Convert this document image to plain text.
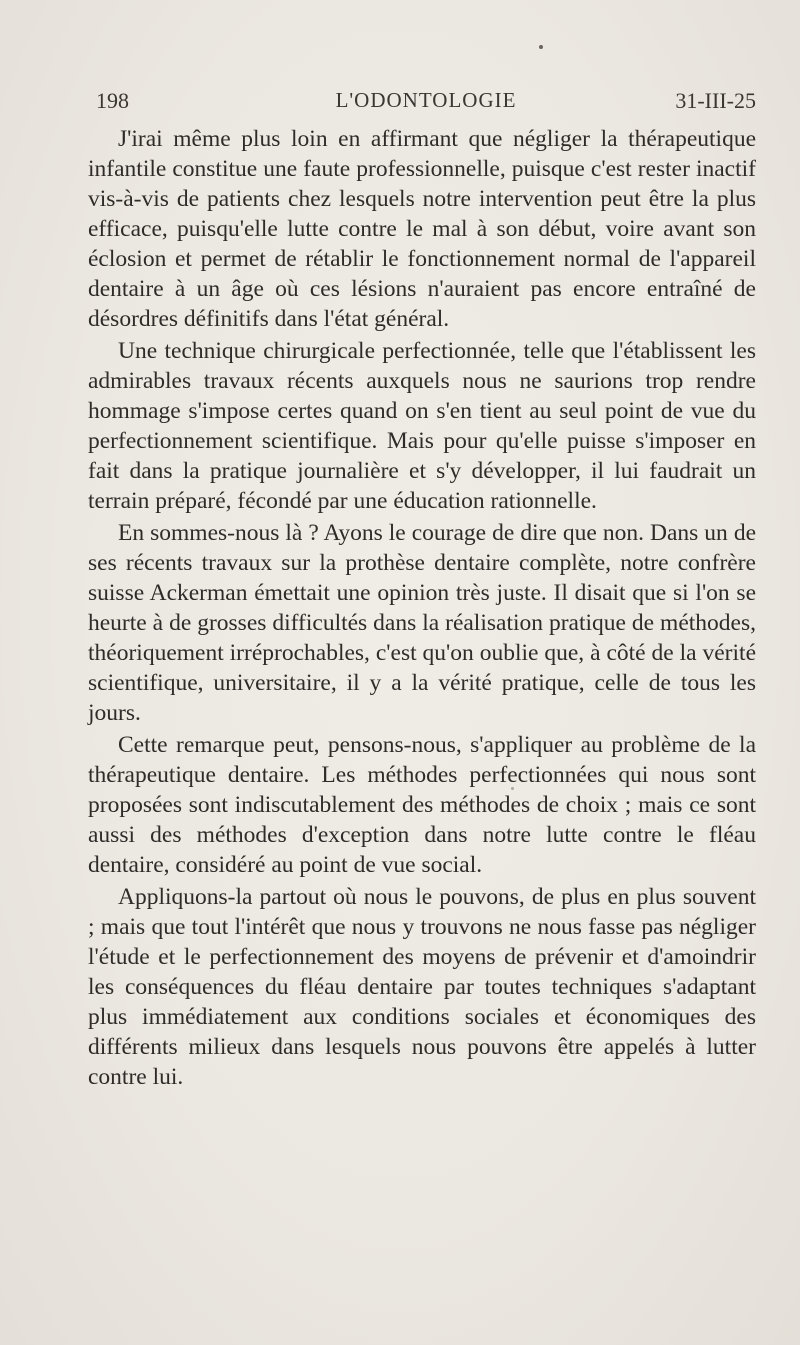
198	L'ODONTOLOGIE	31-III-25

J'irai même plus loin en affirmant que négliger la thérapeutique infantile constitue une faute professionnelle, puisque c'est rester inactif vis-à-vis de patients chez lesquels notre intervention peut être la plus efficace, puisqu'elle lutte contre le mal à son début, voire avant son éclosion et permet de rétablir le fonctionnement normal de l'appareil dentaire à un âge où ces lésions n'auraient pas encore entraîné de désordres définitifs dans l'état général.

Une technique chirurgicale perfectionnée, telle que l'établissent les admirables travaux récents auxquels nous ne saurions trop rendre hommage s'impose certes quand on s'en tient au seul point de vue du perfectionnement scientifique. Mais pour qu'elle puisse s'imposer en fait dans la pratique journalière et s'y développer, il lui faudrait un terrain préparé, fécondé par une éducation rationnelle.

En sommes-nous là ? Ayons le courage de dire que non. Dans un de ses récents travaux sur la prothèse dentaire complète, notre confrère suisse Ackerman émettait une opinion très juste. Il disait que si l'on se heurte à de grosses difficultés dans la réalisation pratique de méthodes, théoriquement irréprochables, c'est qu'on oublie que, à côté de la vérité scientifique, universitaire, il y a la vérité pratique, celle de tous les jours.

Cette remarque peut, pensons-nous, s'appliquer au problème de la thérapeutique dentaire. Les méthodes perfectionnées qui nous sont proposées sont indiscutablement des méthodes de choix ; mais ce sont aussi des méthodes d'exception dans notre lutte contre le fléau dentaire, considéré au point de vue social.

Appliquons-la partout où nous le pouvons, de plus en plus souvent ; mais que tout l'intérêt que nous y trouvons ne nous fasse pas négliger l'étude et le perfectionnement des moyens de prévenir et d'amoindrir les conséquences du fléau dentaire par toutes techniques s'adaptant plus immédiatement aux conditions sociales et économiques des différents milieux dans lesquels nous pouvons être appelés à lutter contre lui.
